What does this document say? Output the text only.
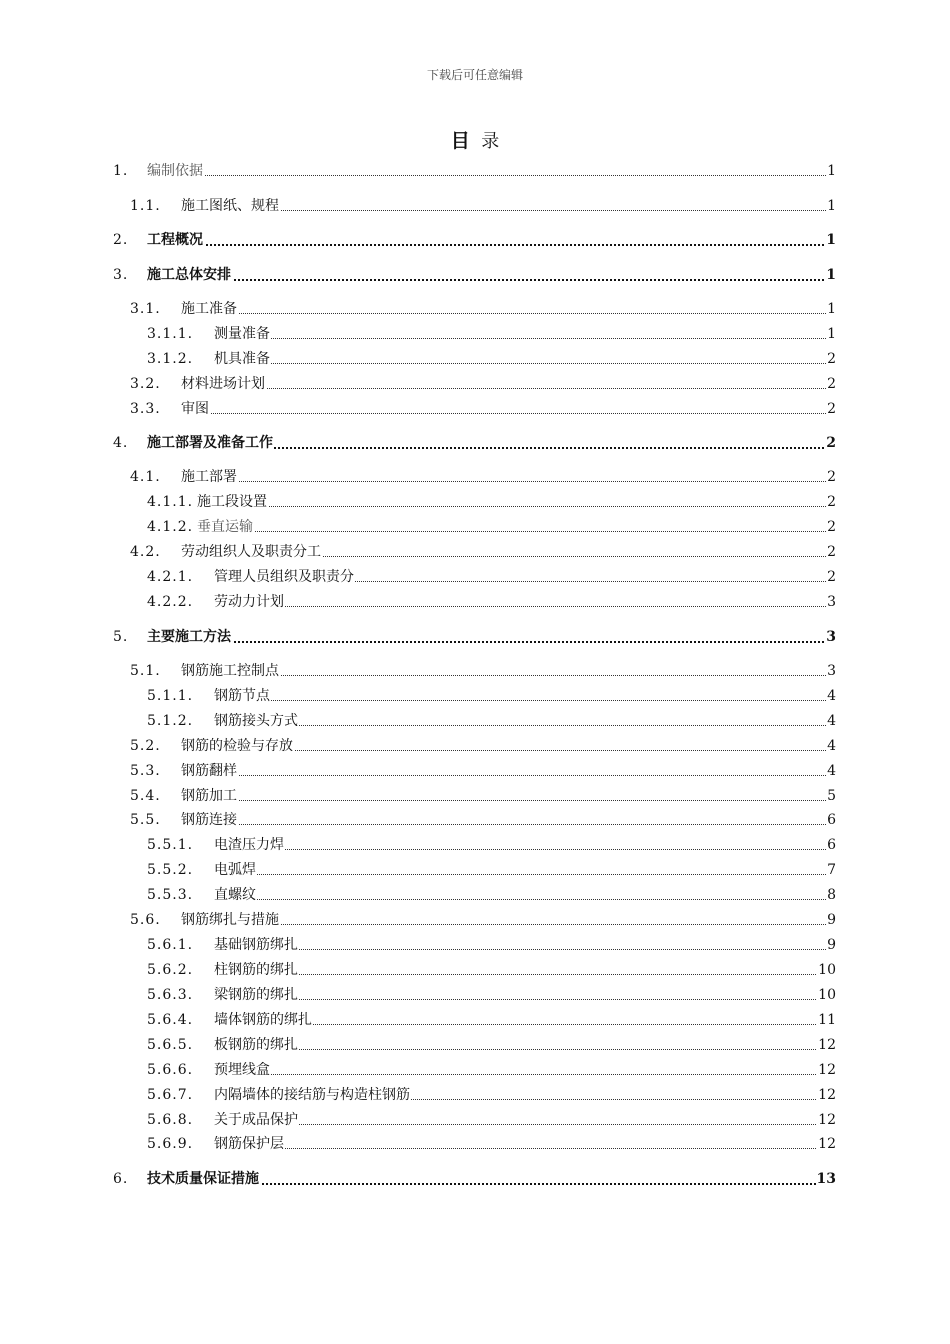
下载后可任意编辑
目 录
1. 编制依据	1
1.1. 施工图纸、规程	1
2. 工程概况	1
3. 施工总体安排	1
3.1. 施工准备	1
3.1.1. 测量准备	1
3.1.2. 机具准备	2
3.2. 材料进场计划	2
3.3. 审图	2
4. 施工部署及准备工作	2
4.1. 施工部署	2
4.1.1. 施工段设置	2
4.1.2. 垂直运输	2
4.2. 劳动组织人及职责分工	2
4.2.1. 管理人员组织及职责分	2
4.2.2. 劳动力计划	3
5. 主要施工方法	3
5.1. 钢筋施工控制点	3
5.1.1. 钢筋节点	4
5.1.2. 钢筋接头方式	4
5.2. 钢筋的检验与存放	4
5.3. 钢筋翻样	4
5.4. 钢筋加工	5
5.5. 钢筋连接	6
5.5.1. 电渣压力焊	6
5.5.2. 电弧焊	7
5.5.3. 直螺纹	8
5.6. 钢筋绑扎与措施	9
5.6.1. 基础钢筋绑扎	9
5.6.2. 柱钢筋的绑扎	10
5.6.3. 梁钢筋的绑扎	10
5.6.4. 墙体钢筋的绑扎	11
5.6.5. 板钢筋的绑扎	12
5.6.6. 预埋线盒	12
5.6.7. 内隔墙体的接结筋与构造柱钢筋	12
5.6.8. 关于成品保护	12
5.6.9. 钢筋保护层	12
6. 技术质量保证措施	13
